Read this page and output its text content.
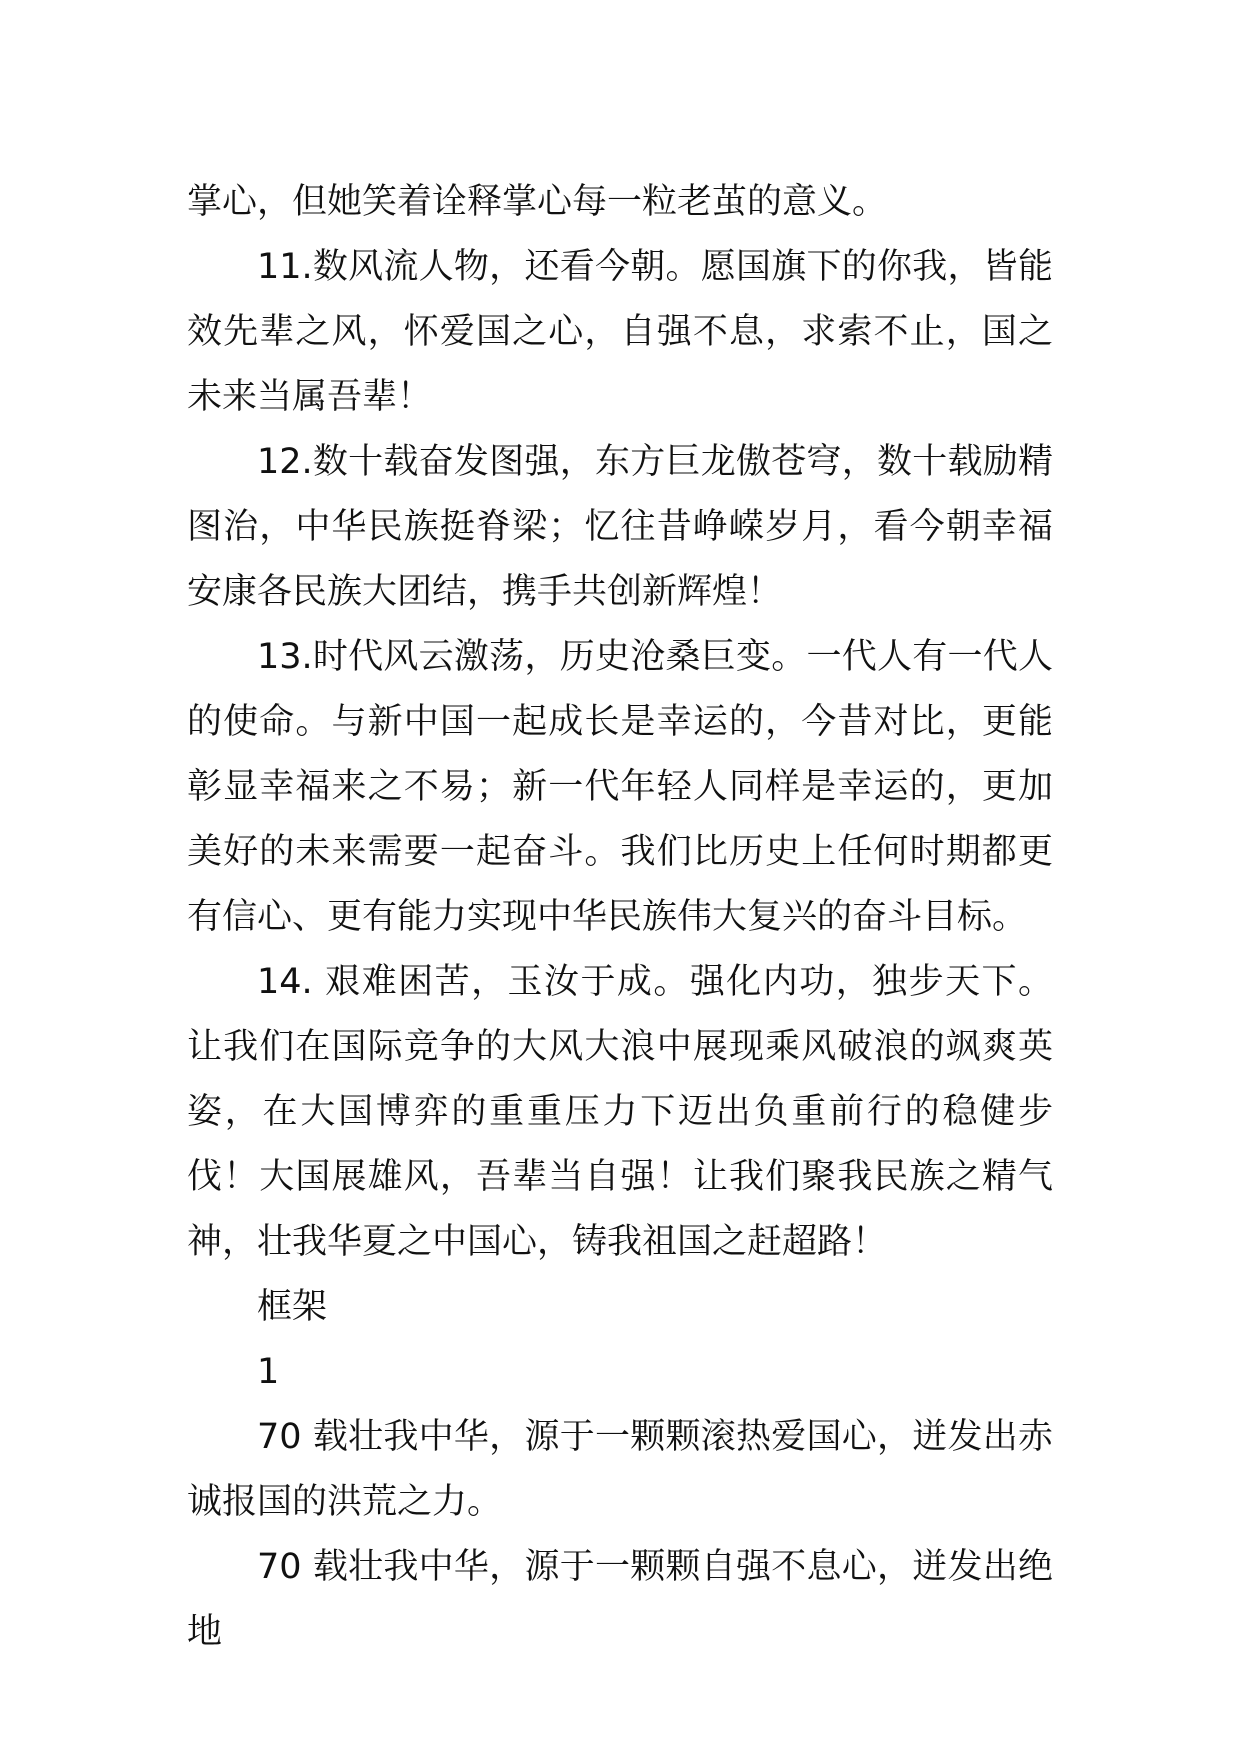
掌心，但她笑着诠释掌心每一粒老茧的意义。

11.数风流人物，还看今朝。愿国旗下的你我，皆能效先辈之风，怀爱国之心，自强不息，求索不止，国之未来当属吾辈！

12.数十载奋发图强，东方巨龙傲苍穹，数十载励精图治，中华民族挺脊梁；忆往昔峥嵘岁月，看今朝幸福安康各民族大团结，携手共创新辉煌！

13.时代风云激荡，历史沧桑巨变。一代人有一代人的使命。与新中国一起成长是幸运的，今昔对比，更能彰显幸福来之不易；新一代年轻人同样是幸运的，更加美好的未来需要一起奋斗。我们比历史上任何时期都更有信心、更有能力实现中华民族伟大复兴的奋斗目标。

14. 艰难困苦，玉汝于成。强化内功，独步天下。让我们在国际竞争的大风大浪中展现乘风破浪的飒爽英姿，在大国博弈的重重压力下迈出负重前行的稳健步伐！大国展雄风，吾辈当自强！让我们聚我民族之精气神，壮我华夏之中国心，铸我祖国之赶超路！

框架

1

70 载壮我中华，源于一颗颗滚热爱国心，迸发出赤诚报国的洪荒之力。

70 载壮我中华，源于一颗颗自强不息心，迸发出绝地
